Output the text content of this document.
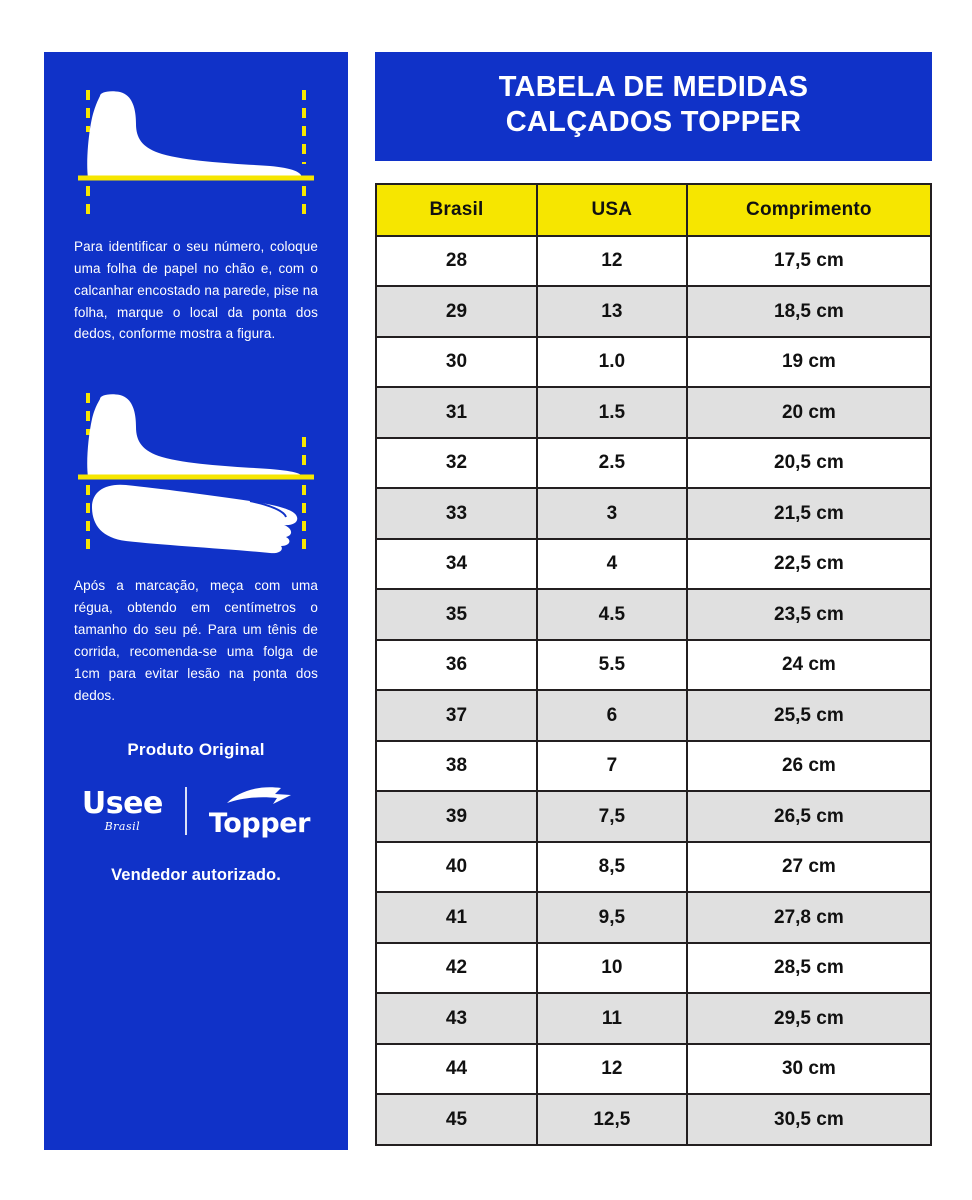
Para identificar o seu número, coloque uma folha de papel no chão e, com o calcanhar encostado na parede, pise na folha, marque o local da ponta dos dedos, conforme mostra a figura.

Após a marcação, meça com uma régua, obtendo em centímetros o tamanho do seu pé. Para um tênis de corrida, recomenda-se uma folga de 1cm para evitar lesão na ponta dos dedos.

Produto Original
Usee
Brasil	Topper
Vendedor autorizado.
TABELA DE MEDIDAS
CALÇADOS TOPPER
Brasil	USA	Comprimento
28	12	17,5 cm
29	13	18,5 cm
30	1.0	19 cm
31	1.5	20 cm
32	2.5	20,5 cm
33	3	21,5 cm
34	4	22,5 cm
35	4.5	23,5 cm
36	5.5	24 cm
37	6	25,5 cm
38	7	26 cm
39	7,5	26,5 cm
40	8,5	27 cm
41	9,5	27,8 cm
42	10	28,5 cm
43	11	29,5 cm
44	12	30 cm
45	12,5	30,5 cm
